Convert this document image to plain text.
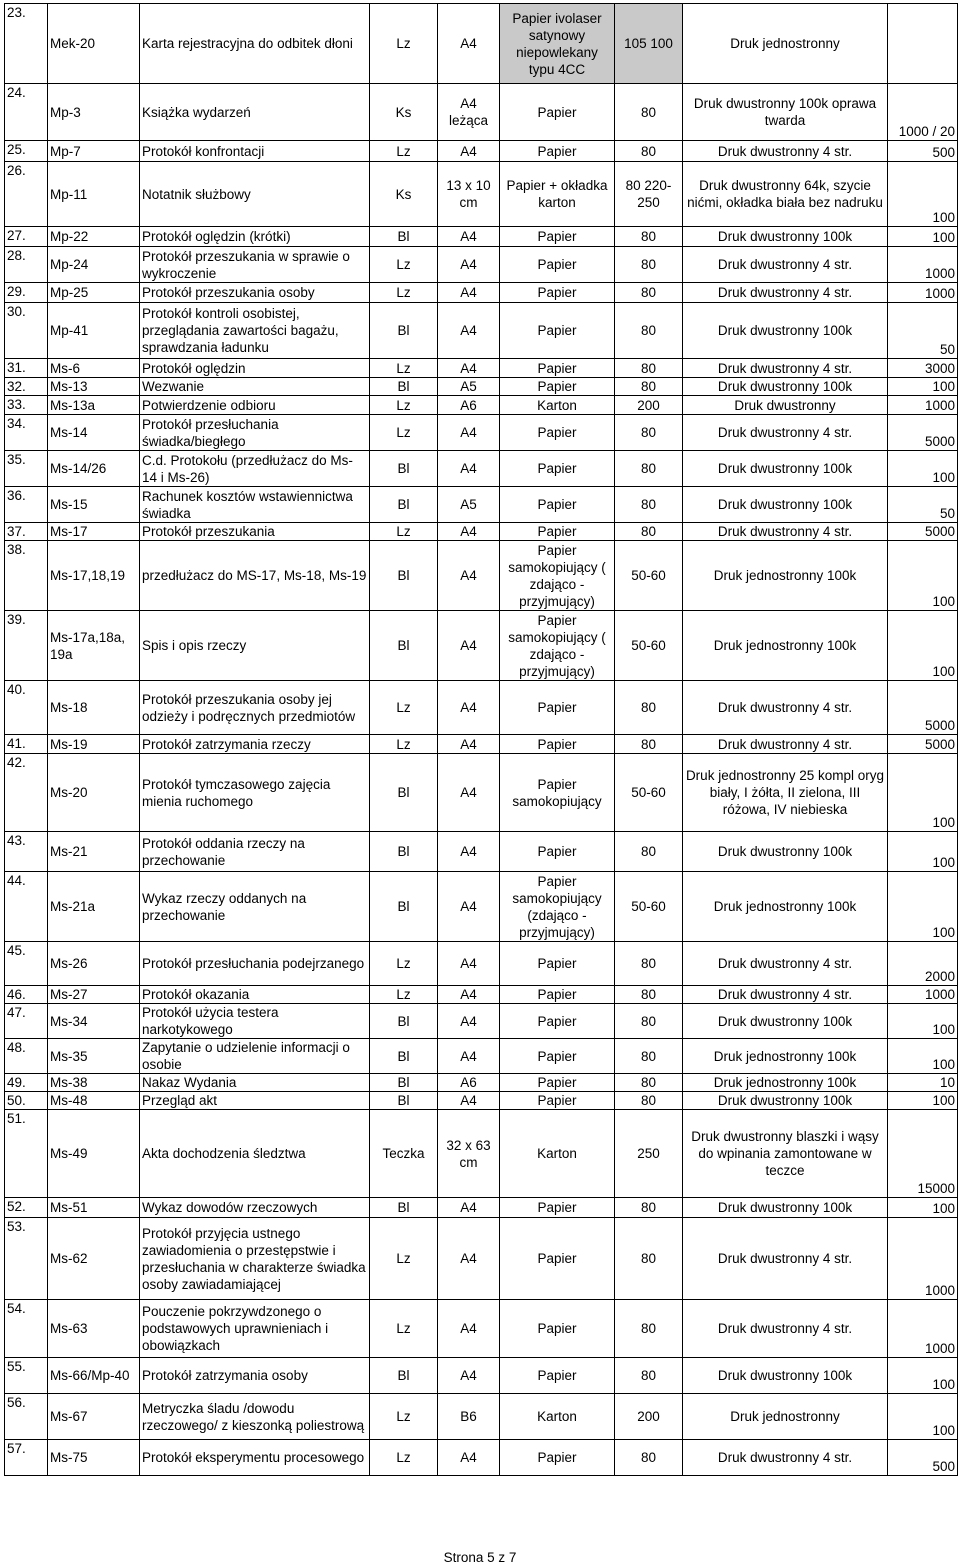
23.	Mek-20	Karta rejestracyjna do odbitek dłoni	Lz	A4	Papier ivolaser satynowy niepowlekany typu 4CC	105 100	Druk jednostronny	
24.	Mp-3	Książka wydarzeń	Ks	A4 leżąca	Papier	80	Druk dwustronny 100k oprawa twarda	1000 / 20
25.	Mp-7	Protokół konfrontacji	Lz	A4	Papier	80	Druk dwustronny 4 str.	500
26.	Mp-11	Notatnik służbowy	Ks	13 x 10 cm	Papier + okładka karton	80 220-250	Druk dwustronny 64k, szycie nićmi, okładka biała bez nadruku	100
27.	Mp-22	Protokół oględzin (krótki)	Bl	A4	Papier	80	Druk dwustronny 100k	100
28.	Mp-24	Protokół przeszukania w sprawie o wykroczenie	Lz	A4	Papier	80	Druk dwustronny 4 str.	1000
29.	Mp-25	Protokół przeszukania osoby	Lz	A4	Papier	80	Druk dwustronny 4 str.	1000
30.	Mp-41	Protokół kontroli osobistej, przeglądania zawartości bagażu, sprawdzania ładunku	Bl	A4	Papier	80	Druk dwustronny 100k	50
31.	Ms-6	Protokół oględzin	Lz	A4	Papier	80	Druk dwustronny 4 str.	3000
32.	Ms-13	Wezwanie	Bl	A5	Papier	80	Druk dwustronny 100k	100
33.	Ms-13a	Potwierdzenie odbioru	Lz	A6	Karton	200	Druk dwustronny	1000
34.	Ms-14	Protokół przesłuchania świadka/biegłego	Lz	A4	Papier	80	Druk dwustronny 4 str.	5000
35.	Ms-14/26	C.d. Protokołu (przedłużacz do Ms-14 i Ms-26)	Bl	A4	Papier	80	Druk dwustronny 100k	100
36.	Ms-15	Rachunek kosztów wstawiennictwa świadka	Bl	A5	Papier	80	Druk dwustronny 100k	50
37.	Ms-17	Protokół przeszukania	Lz	A4	Papier	80	Druk dwustronny 4 str.	5000
38.	Ms-17,18,19	przedłużacz do MS-17, Ms-18, Ms-19	Bl	A4	Papier samokopiujący ( zdająco - przyjmujący)	50-60	Druk jednostronny 100k	100
39.	Ms-17a,18a, 19a	Spis i opis rzeczy	Bl	A4	Papier samokopiujący ( zdająco - przyjmujący)	50-60	Druk jednostronny 100k	100
40.	Ms-18	Protokół przeszukania osoby jej odzieży i podręcznych przedmiotów	Lz	A4	Papier	80	Druk dwustronny 4 str.	5000
41.	Ms-19	Protokół zatrzymania rzeczy	Lz	A4	Papier	80	Druk dwustronny 4 str.	5000
42.	Ms-20	Protokół tymczasowego zajęcia mienia ruchomego	Bl	A4	Papier samokopiujący	50-60	Druk jednostronny 25 kompl oryg biały, I żółta, II zielona, III różowa, IV niebieska	100
43.	Ms-21	Protokół oddania rzeczy na przechowanie	Bl	A4	Papier	80	Druk dwustronny 100k	100
44.	Ms-21a	Wykaz rzeczy oddanych na przechowanie	Bl	A4	Papier samokopiujący (zdająco - przyjmujący)	50-60	Druk jednostronny 100k	100
45.	Ms-26	Protokół przesłuchania podejrzanego	Lz	A4	Papier	80	Druk dwustronny 4 str.	2000
46.	Ms-27	Protokół okazania	Lz	A4	Papier	80	Druk dwustronny 4 str.	1000
47.	Ms-34	Protokół użycia testera narkotykowego	Bl	A4	Papier	80	Druk dwustronny 100k	100
48.	Ms-35	Zapytanie o udzielenie informacji o osobie	Bl	A4	Papier	80	Druk jednostronny 100k	100
49.	Ms-38	Nakaz Wydania	Bl	A6	Papier	80	Druk jednostronny 100k	10
50.	Ms-48	Przegląd akt	Bl	A4	Papier	80	Druk dwustronny 100k	100
51.	Ms-49	Akta dochodzenia śledztwa	Teczka	32 x 63 cm	Karton	250	Druk dwustronny blaszki i wąsy do wpinania zamontowane w teczce	15000
52.	Ms-51	Wykaz dowodów rzeczowych	Bl	A4	Papier	80	Druk dwustronny 100k	100
53.	Ms-62	Protokół przyjęcia ustnego zawiadomienia o przestępstwie i przesłuchania w charakterze świadka osoby zawiadamiającej	Lz	A4	Papier	80	Druk dwustronny 4 str.	1000
54.	Ms-63	Pouczenie pokrzywdzonego o podstawowych uprawnieniach i obowiązkach	Lz	A4	Papier	80	Druk dwustronny 4 str.	1000
55.	Ms-66/Mp-40	Protokół zatrzymania osoby	Bl	A4	Papier	80	Druk dwustronny 100k	100
56.	Ms-67	Metryczka śladu /dowodu rzeczowego/ z kieszonką poliestrową	Lz	B6	Karton	200	Druk jednostronny	100
57.	Ms-75	Protokół eksperymentu procesowego	Lz	A4	Papier	80	Druk dwustronny 4 str.	500
Strona 5 z 7
